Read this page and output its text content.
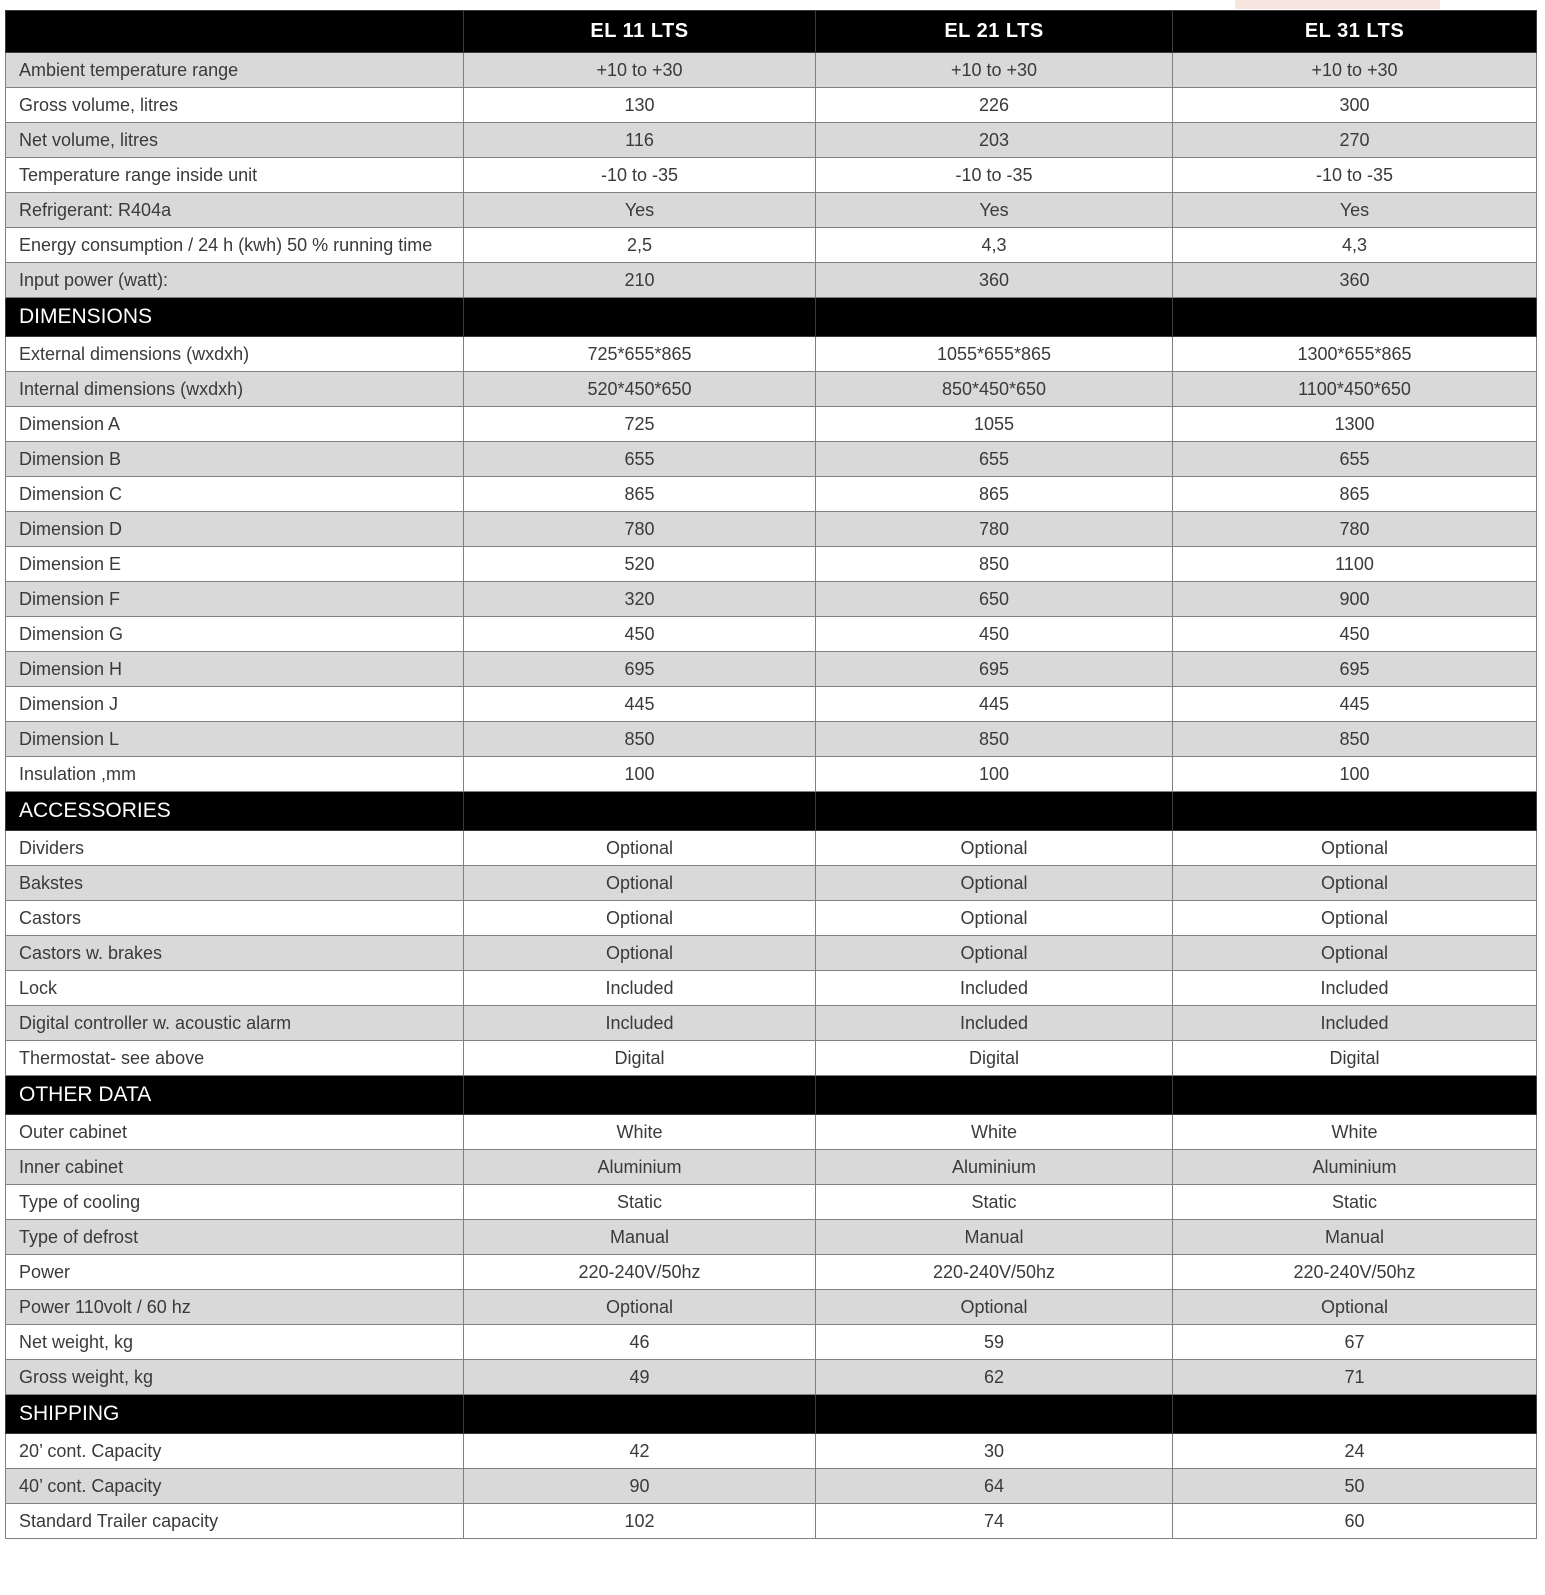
	EL 11 LTS	EL 21 LTS	EL 31 LTS
Ambient temperature range	+10 to +30	+10 to +30	+10 to +30
Gross volume, litres	130	226	300
Net volume, litres	116	203	270
Temperature range inside unit	-10 to -35	-10 to -35	-10 to -35
Refrigerant: R404a	Yes	Yes	Yes
Energy consumption / 24 h (kwh) 50 % running time	2,5	4,3	4,3
Input power (watt):	210	360	360
DIMENSIONS			
External dimensions (wxdxh)	725*655*865	1055*655*865	1300*655*865
Internal dimensions (wxdxh)	520*450*650	850*450*650	1100*450*650
Dimension A	725	1055	1300
Dimension B	655	655	655
Dimension C	865	865	865
Dimension D	780	780	780
Dimension E	520	850	1100
Dimension F	320	650	900
Dimension G	450	450	450
Dimension H	695	695	695
Dimension J	445	445	445
Dimension L	850	850	850
Insulation ,mm	100	100	100
ACCESSORIES			
Dividers	Optional	Optional	Optional
Bakstes	Optional	Optional	Optional
Castors	Optional	Optional	Optional
Castors w. brakes	Optional	Optional	Optional
Lock	Included	Included	Included
Digital controller w. acoustic alarm	Included	Included	Included
Thermostat- see above	Digital	Digital	Digital
OTHER DATA			
Outer cabinet	White	White	White
Inner cabinet	Aluminium	Aluminium	Aluminium
Type of cooling	Static	Static	Static
Type of defrost	Manual	Manual	Manual
Power	220-240V/50hz	220-240V/50hz	220-240V/50hz
Power 110volt / 60 hz	Optional	Optional	Optional
Net weight, kg	46	59	67
Gross weight, kg	49	62	71
SHIPPING			
20’ cont. Capacity	42	30	24
40’ cont. Capacity	90	64	50
Standard Trailer capacity	102	74	60
